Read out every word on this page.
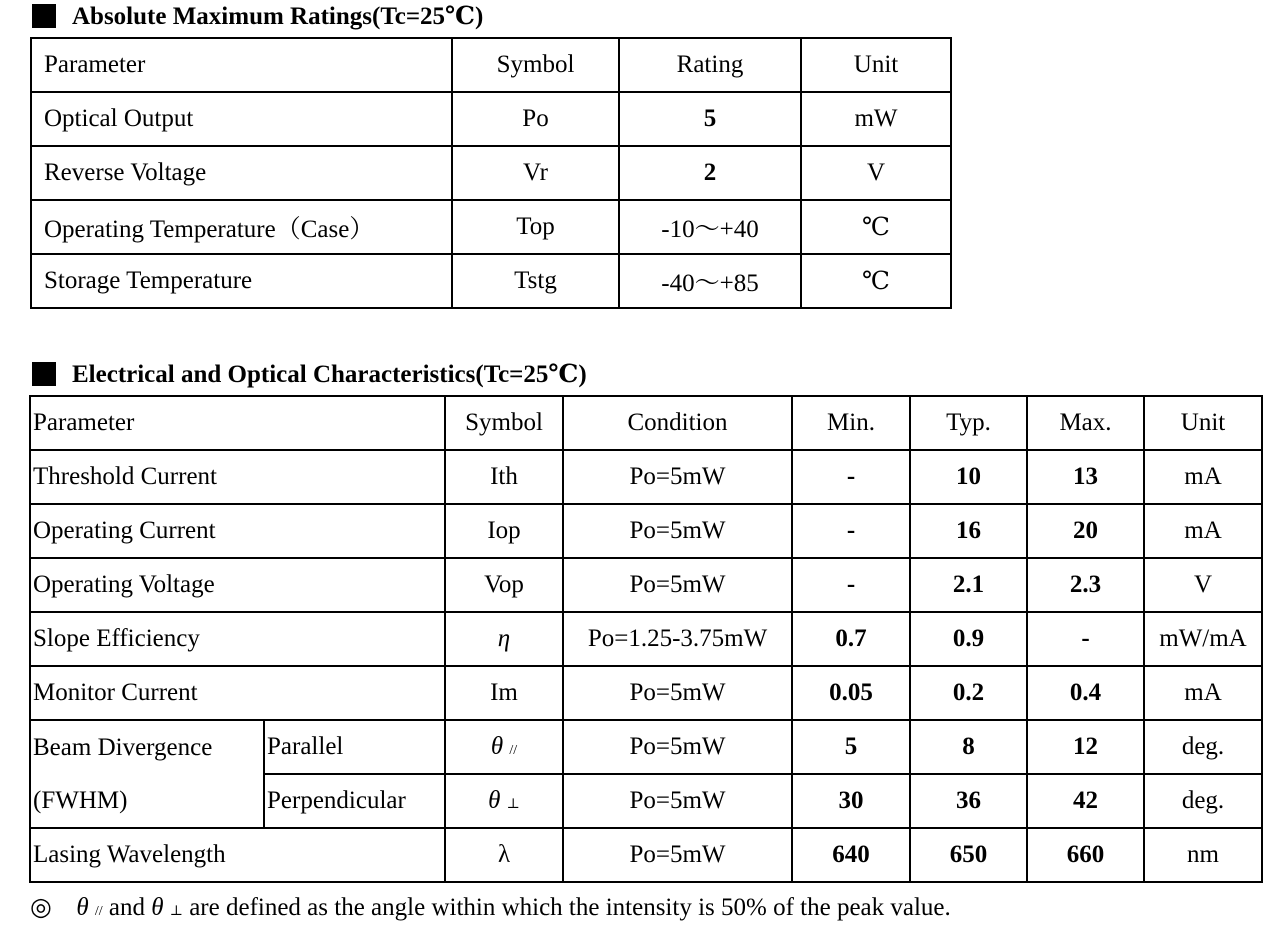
Absolute Maximum Ratings(Tc=25℃)
Parameter	Symbol	Rating	Unit
Optical Output	Po	5	mW
Reverse Voltage	Vr	2	V
Operating Temperature（Case）	Top	-10～+40	℃
Storage Temperature	Tstg	-40～+85	℃
Electrical and Optical Characteristics(Tc=25℃)
Parameter		Symbol	Condition	Min.	Typ.	Max.	Unit
Threshold Current		Ith	Po=5mW	-	10	13	mA
Operating Current		Iop	Po=5mW	-	16	20	mA
Operating Voltage		Vop	Po=5mW	-	2.1	2.3	V
Slope Efficiency		η	Po=1.25-3.75mW	0.7	0.9	-	mW/mA
Monitor Current		Im	Po=5mW	0.05	0.2	0.4	mA
Beam Divergence	Parallel	θ //	Po=5mW	5	8	12	deg.
(FWHM)	Perpendicular	θ ⊥	Po=5mW	30	36	42	deg.
Lasing Wavelength		λ	Po=5mW	640	650	660	nm
◎ θ // and θ ⊥ are defined as the angle within which the intensity is 50% of the peak value.
